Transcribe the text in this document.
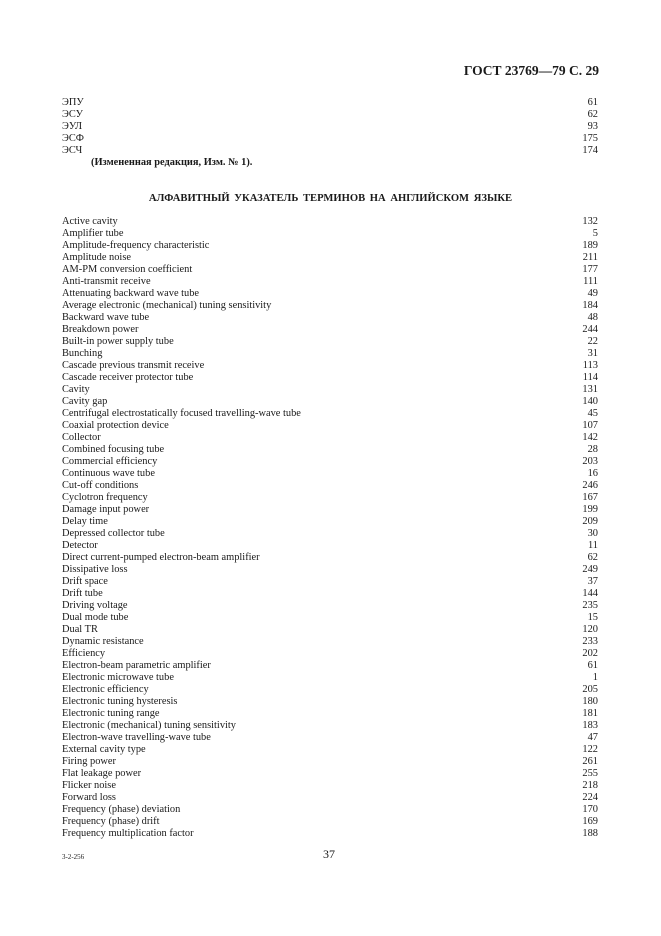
ГОСТ 23769—79 С. 29
ЭПУ	61
ЭСУ	62
ЭУЛ	93
ЭСФ	175
ЭСЧ	174
(Измененная редакция, Изм. № 1).
АЛФАВИТНЫЙ УКАЗАТЕЛЬ ТЕРМИНОВ НА АНГЛИЙСКОМ ЯЗЫКЕ
Active cavity	132
Amplifier tube	5
Amplitude-frequency characteristic	189
Amplitude noise	211
AM-PM conversion coefficient	177
Anti-transmit receive	111
Attenuating backward wave tube	49
Average electronic (mechanical) tuning sensitivity	184
Backward wave tube	48
Breakdown power	244
Built-in power supply tube	22
Bunching	31
Cascade previous transmit receive	113
Cascade receiver protector tube	114
Cavity	131
Cavity gap	140
Centrifugal electrostatically focused travelling-wave tube	45
Coaxial protection device	107
Collector	142
Combined focusing tube	28
Commercial efficiency	203
Continuous wave tube	16
Cut-off conditions	246
Cyclotron frequency	167
Damage input power	199
Delay time	209
Depressed collector tube	30
Detector	11
Direct current-pumped electron-beam amplifier	62
Dissipative loss	249
Drift space	37
Drift tube	144
Driving voltage	235
Dual mode tube	15
Dual TR	120
Dynamic resistance	233
Efficiency	202
Electron-beam parametric amplifier	61
Electronic microwave tube	1
Electronic efficiency	205
Electronic tuning hysteresis	180
Electronic tuning range	181
Electronic (mechanical) tuning sensitivity	183
Electron-wave travelling-wave tube	47
External cavity type	122
Firing power	261
Flat leakage power	255
Flicker noise	218
Forward loss	224
Frequency (phase) deviation	170
Frequency (phase) drift	169
Frequency multiplication factor	188
3-2-256	37
